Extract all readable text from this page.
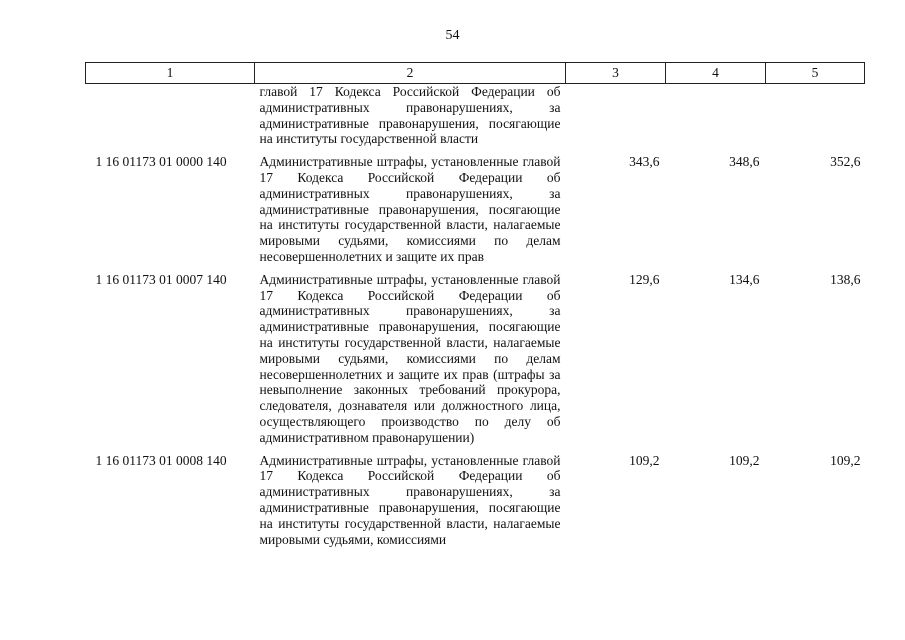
54
1	2	3	4	5
	главой 17 Кодекса Российской Федерации об административных правонарушениях, за административные правонарушения, посягающие на институты государственной власти			
1 16 01173 01 0000 140	Административные штрафы, установленные главой 17 Кодекса Российской Федерации об административных правонарушениях, за административные правонарушения, посягающие на институты государственной власти, налагаемые мировыми судьями, комиссиями по делам несовершеннолетних и защите их прав	343,6	348,6	352,6
1 16 01173 01 0007 140	Административные штрафы, установленные главой 17 Кодекса Российской Федерации об административных правонарушениях, за административные правонарушения, посягающие на институты государственной власти, налагаемые мировыми судьями, комиссиями по делам несовершеннолетних и защите их прав (штрафы за невыполнение законных требований прокурора, следователя, дознавателя или должностного лица, осуществляющего производство по делу об административном правонарушении)	129,6	134,6	138,6
1 16 01173 01 0008 140	Административные штрафы, установленные главой 17 Кодекса Российской Федерации об административных правонарушениях, за административные правонарушения, посягающие на институты государственной власти, налагаемые мировыми судьями, комиссиями	109,2	109,2	109,2
